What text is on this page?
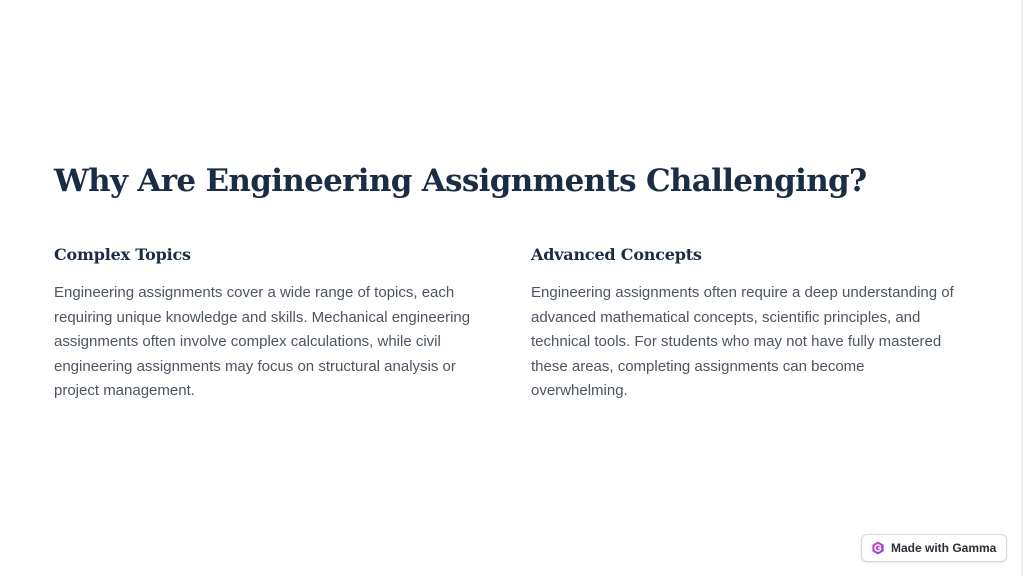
Why Are Engineering Assignments Challenging?
Complex Topics

Engineering assignments cover a wide range of topics, each
requiring unique knowledge and skills. Mechanical engineering
assignments often involve complex calculations, while civil
engineering assignments may focus on structural analysis or
project management.

Advanced Concepts

Engineering assignments often require a deep understanding of
advanced mathematical concepts, scientific principles, and
technical tools. For students who may not have fully mastered
these areas, completing assignments can become
overwhelming.

Made with Gamma
